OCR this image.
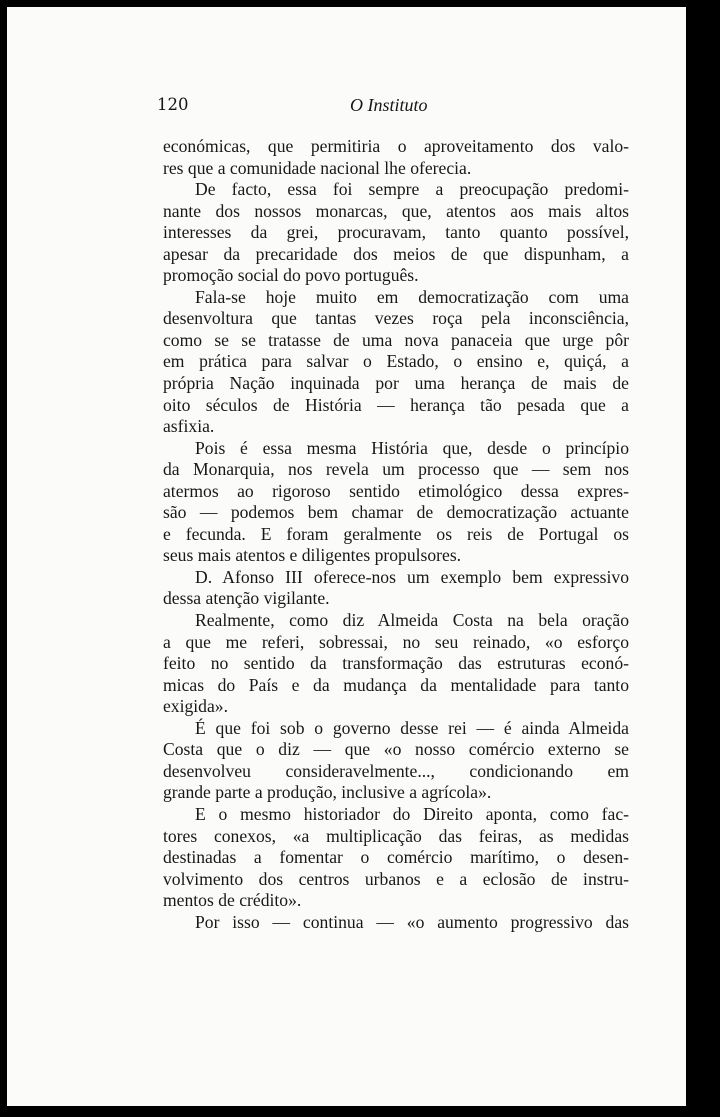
120	O Instituto
económicas, que permitiria o aproveitamento dos valo-
res que a comunidade nacional lhe oferecia.
De facto, essa foi sempre a preocupação predomi-
nante dos nossos monarcas, que, atentos aos mais altos
interesses da grei, procuravam, tanto quanto possível,
apesar da precaridade dos meios de que dispunham, a
promoção social do povo português.
Fala-se hoje muito em democratização com uma
desenvoltura que tantas vezes roça pela inconsciência,
como se se tratasse de uma nova panaceia que urge pôr
em prática para salvar o Estado, o ensino e, quiçá, a
própria Nação inquinada por uma herança de mais de
oito séculos de História — herança tão pesada que a
asfixia.
Pois é essa mesma História que, desde o princípio
da Monarquia, nos revela um processo que — sem nos
atermos ao rigoroso sentido etimológico dessa expres-
são — podemos bem chamar de democratização actuante
e fecunda. E foram geralmente os reis de Portugal os
seus mais atentos e diligentes propulsores.
D. Afonso III oferece-nos um exemplo bem expressivo
dessa atenção vigilante.
Realmente, como diz Almeida Costa na bela oração
a que me referi, sobressai, no seu reinado, «o esforço
feito no sentido da transformação das estruturas econó-
micas do País e da mudança da mentalidade para tanto
exigida».
É que foi sob o governo desse rei — é ainda Almeida
Costa que o diz — que «o nosso comércio externo se
desenvolveu consideravelmente..., condicionando em
grande parte a produção, inclusive a agrícola».
E o mesmo historiador do Direito aponta, como fac-
tores conexos, «a multiplicação das feiras, as medidas
destinadas a fomentar o comércio marítimo, o desen-
volvimento dos centros urbanos e a eclosão de instru-
mentos de crédito».
Por isso — continua — «o aumento progressivo das
